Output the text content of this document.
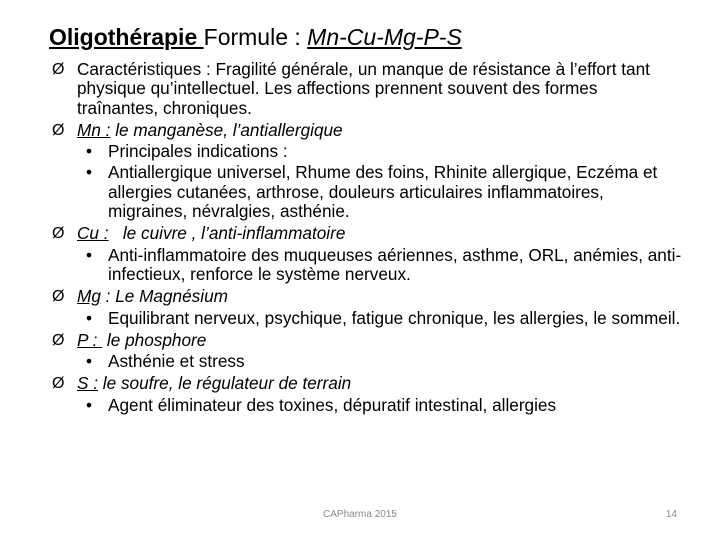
Oligothérapie Formule : Mn-Cu-Mg-P-S
Ø Caractéristiques : Fragilité générale, un manque de résistance à l’effort tant physique qu’intellectuel. Les affections prennent souvent des formes traînantes, chroniques.
Ø Mn : le manganèse, l’antiallergique
• Principales indications :
• Antiallergique universel, Rhume des foins, Rhinite allergique, Eczéma et allergies cutanées, arthrose, douleurs articulaires inflammatoires, migraines, névralgies, asthénie.
Ø Cu :   le cuivre , l’anti-inflammatoire
• Anti-inflammatoire des muqueuses aériennes, asthme, ORL, anémies, anti-infectieux, renforce le système nerveux.
Ø Mg : Le Magnésium
• Equilibrant nerveux, psychique, fatigue chronique, les allergies, le sommeil.
Ø P :  le phosphore
• Asthénie et stress
Ø S : le soufre, le régulateur de terrain
• Agent éliminateur des toxines, dépuratif intestinal, allergies
CAPharma 2015	14
